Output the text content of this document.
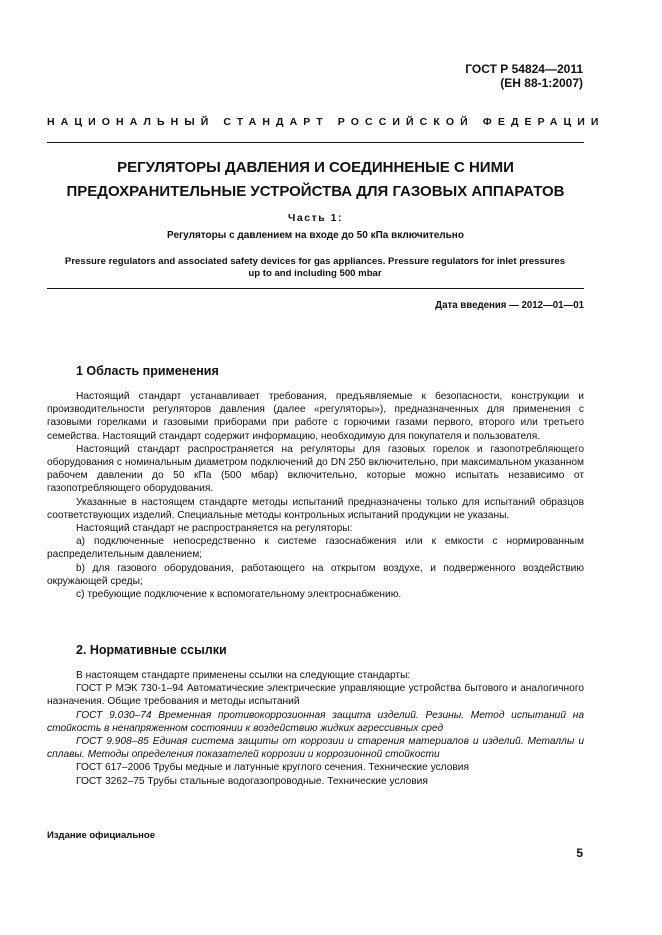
ГОСТ Р 54824—2011
(ЕН 88-1:2007)
НАЦИОНАЛЬНЫЙ СТАНДАРТ РОССИЙСКОЙ ФЕДЕРАЦИИ
РЕГУЛЯТОРЫ ДАВЛЕНИЯ И СОЕДИННЕНЫЕ С НИМИ
ПРЕДОХРАНИТЕЛЬНЫЕ УСТРОЙСТВА ДЛЯ ГАЗОВЫХ АППАРАТОВ
Часть 1:
Регуляторы с давлением на входе до 50 кПа включительно
Pressure regulators and associated safety devices for gas appliances. Pressure regulators for inlet pressures
up to and including 500 mbar
Дата введения — 2012—01—01
1 Область применения

Настоящий стандарт устанавливает требования, предъявляемые к безопасности, конструкции и производительности регуляторов давления (далее «регуляторы»), предназначенных для применения с газовыми горелками и газовыми приборами при работе с горючими газами первого, второго или третьего семейства. Настоящий стандарт содержит информацию, необходимую для покупателя и пользователя.

Настоящий стандарт распространяется на регуляторы для газовых горелок и газопотребляющего оборудования с номинальным диаметром подключений до DN 250 включительно, при максимальном указанном рабочем давлении до 50 кПа (500 мбар) включительно, которые можно испытать независимо от газопотребляющего оборудования.

Указанные в настоящем стандарте методы испытаний предназначены только для испытаний образцов соответствующих изделий. Специальные методы контрольных испытаний продукции не указаны.

Настоящий стандарт не распространяется на регуляторы:

а) подключенные непосредственно к системе газоснабжения или к емкости с нормированным распределительным давлением;

b) для газового оборудования, работающего на открытом воздухе, и подверженного воздействию окружающей среды;

с) требующие подключение к вспомогательному электроснабжению.

2. Нормативные ссылки

В настоящем стандарте применены ссылки на следующие стандарты:

ГОСТ Р МЭК 730-1–94 Автоматические электрические управляющие устройства бытового и аналогичного назначения. Общие требования и методы испытаний

ГОСТ 9.030–74 Временная противокоррозионная защита изделий. Резины. Метод испытаний на стойкость в ненапряженном состоянии к воздействию жидких агрессивных сред

ГОСТ 9.908–85 Единая система защиты от коррозии и старения материалов и изделий. Металлы и сплавы. Методы определения показателей коррозии и коррозионной стойкости

ГОСТ 617–2006 Трубы медные и латунные круглого сечения. Технические условия

ГОСТ 3262–75 Трубы стальные водогазопроводные. Технические условия

Издание официальное
5
